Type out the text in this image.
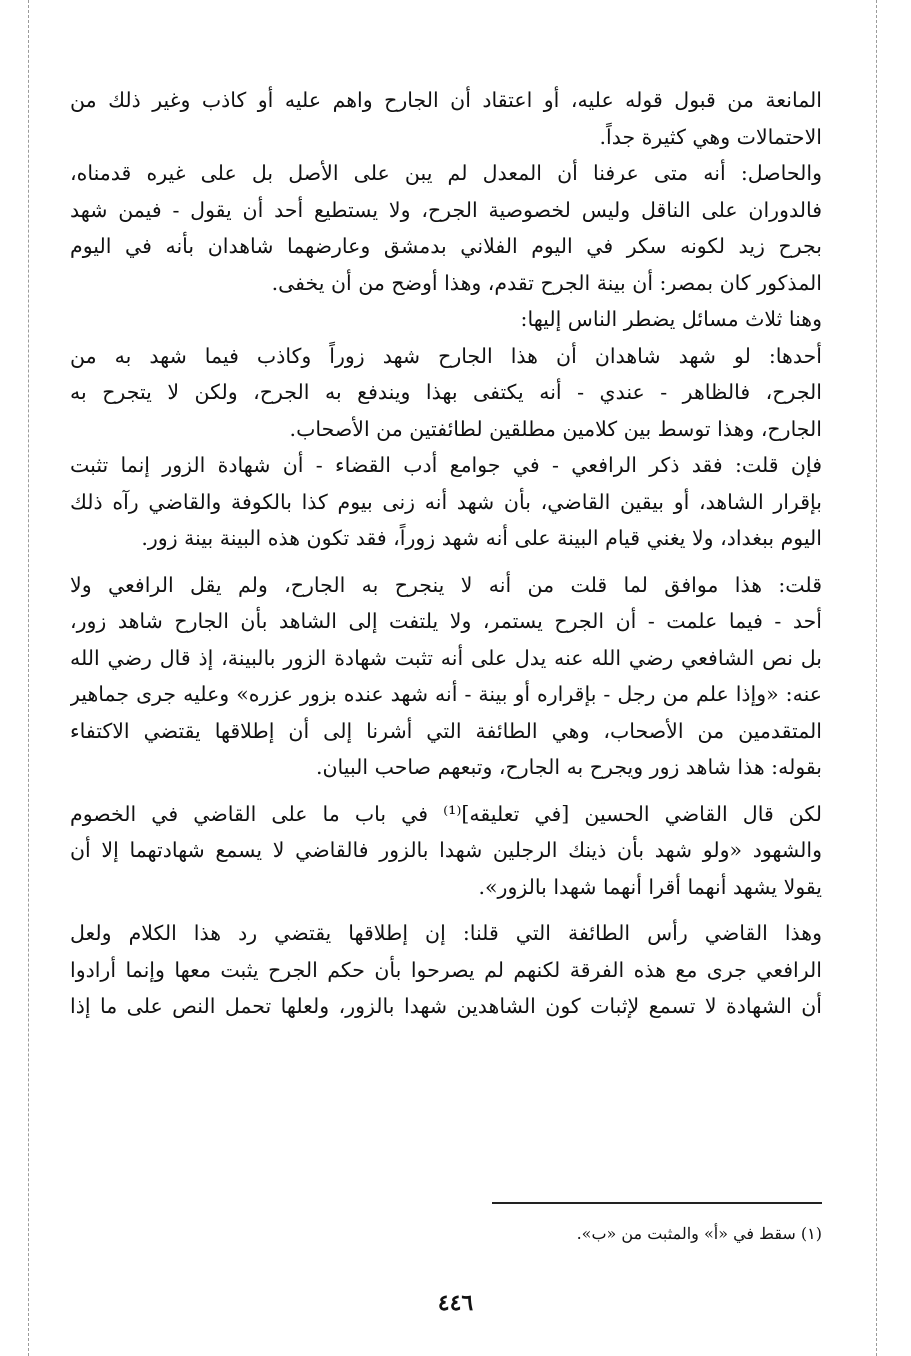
المانعة من قبول قوله عليه، أو اعتقاد أن الجارح واهم عليه أو كاذب وغير ذلك من
الاحتمالات وهي كثيرة جداً.
والحاصل: أنه متى عرفنا أن المعدل لم يبن على الأصل بل على غيره قدمناه،
فالدوران على الناقل وليس لخصوصية الجرح، ولا يستطيع أحد أن يقول - فيمن شهد
بجرح زيد لكونه سكر في اليوم الفلاني بدمشق وعارضهما شاهدان بأنه في اليوم
المذكور كان بمصر: أن بينة الجرح تقدم، وهذا أوضح من أن يخفى.
وهنا ثلاث مسائل يضطر الناس إليها:
أحدها: لو شهد شاهدان أن هذا الجارح شهد زوراً وكاذب فيما شهد به من
الجرح، فالظاهر - عندي - أنه يكتفى بهذا ويندفع به الجرح، ولكن لا يتجرح به
الجارح، وهذا توسط بين كلامين مطلقين لطائفتين من الأصحاب.
فإن قلت: فقد ذكر الرافعي - في جوامع أدب القضاء - أن شهادة الزور إنما تثبت
بإقرار الشاهد، أو بيقين القاضي، بأن شهد أنه زنى بيوم كذا بالكوفة والقاضي رآه ذلك
اليوم ببغداد، ولا يغني قيام البينة على أنه شهد زوراً، فقد تكون هذه البينة بينة زور.
قلت: هذا موافق لما قلت من أنه لا ينجرح به الجارح، ولم يقل الرافعي ولا
أحد - فيما علمت - أن الجرح يستمر، ولا يلتفت إلى الشاهد بأن الجارح شاهد زور،
بل نص الشافعي رضي الله عنه يدل على أنه تثبت شهادة الزور بالبينة، إذ قال رضي الله
عنه: «وإذا علم من رجل - بإقراره أو بينة - أنه شهد عنده بزور عزره» وعليه جرى جماهير
المتقدمين من الأصحاب، وهي الطائفة التي أشرنا إلى أن إطلاقها يقتضي الاكتفاء
بقوله: هذا شاهد زور ويجرح به الجارح، وتبعهم صاحب البيان.
لكن قال القاضي الحسين [في تعليقه]⁽¹⁾ في باب ما على القاضي في الخصوم
والشهود «ولو شهد بأن ذينك الرجلين شهدا بالزور فالقاضي لا يسمع شهادتهما إلا أن
يقولا يشهد أنهما أقرا أنهما شهدا بالزور».
وهذا القاضي رأس الطائفة التي قلنا: إن إطلاقها يقتضي رد هذا الكلام ولعل
الرافعي جرى مع هذه الفرقة لكنهم لم يصرحوا بأن حكم الجرح يثبت معها وإنما أرادوا
أن الشهادة لا تسمع لإثبات كون الشاهدين شهدا بالزور، ولعلها تحمل النص على ما إذا
(١) سقط في «أ» والمثبت من «ب».
٤٤٦
